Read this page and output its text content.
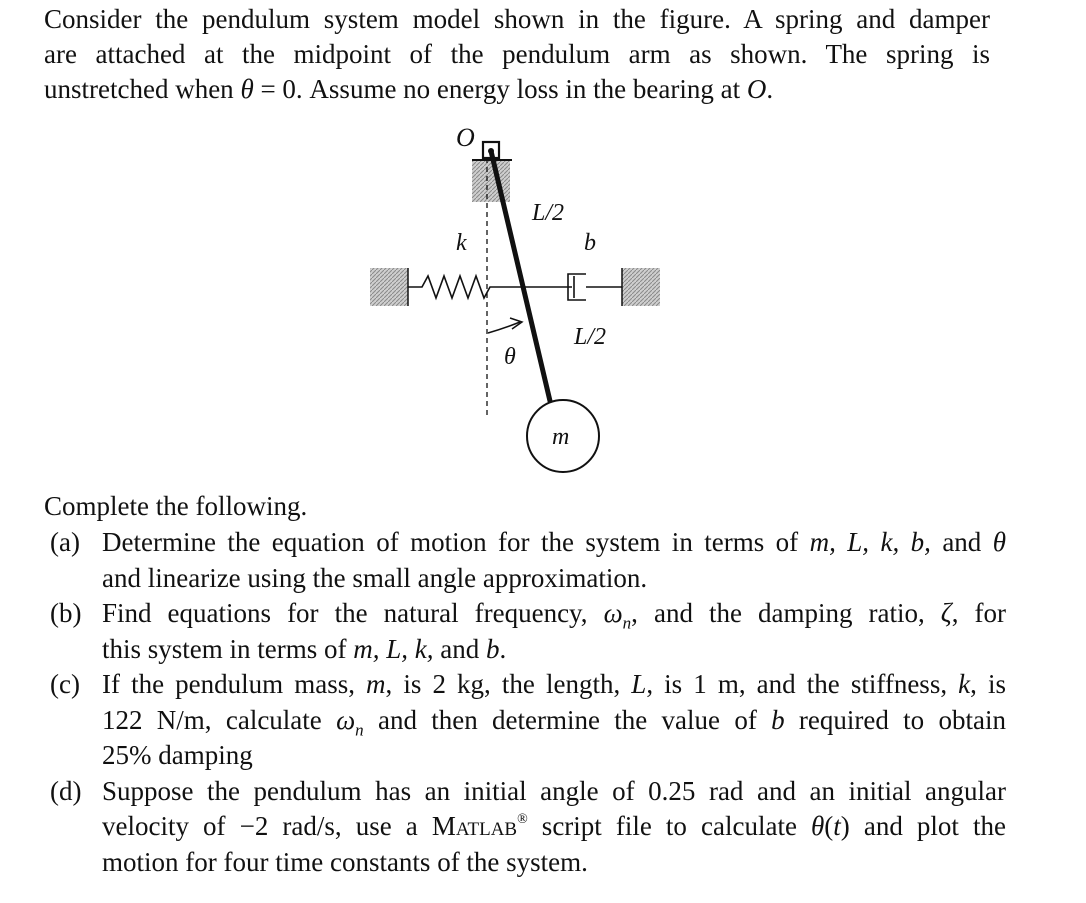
Consider the pendulum system model shown in the figure. A spring and damper
are attached at the midpoint of the pendulum arm as shown. The spring is
unstretched when θ = 0. Assume no energy loss in the bearing at O.
O
L/2
k	b
L/2
θ
m
Complete the following.
(a) Determine the equation of motion for the system in terms of m, L, k, b, and θ
and linearize using the small angle approximation.
(b) Find equations for the natural frequency, $\omega_n$, and the damping ratio, ζ, for
this system in terms of m, L, k, and b.
(c) If the pendulum mass, m, is 2 kg, the length, L, is 1 m, and the stiffness, k, is
122 N/m, calculate $\omega_n$ and then determine the value of b required to obtain
25% damping
(d) Suppose the pendulum has an initial angle of 0.25 rad and an initial angular
velocity of −2 rad/s, use a Matlab® script file to calculate θ(t) and plot the
motion for four time constants of the system.
